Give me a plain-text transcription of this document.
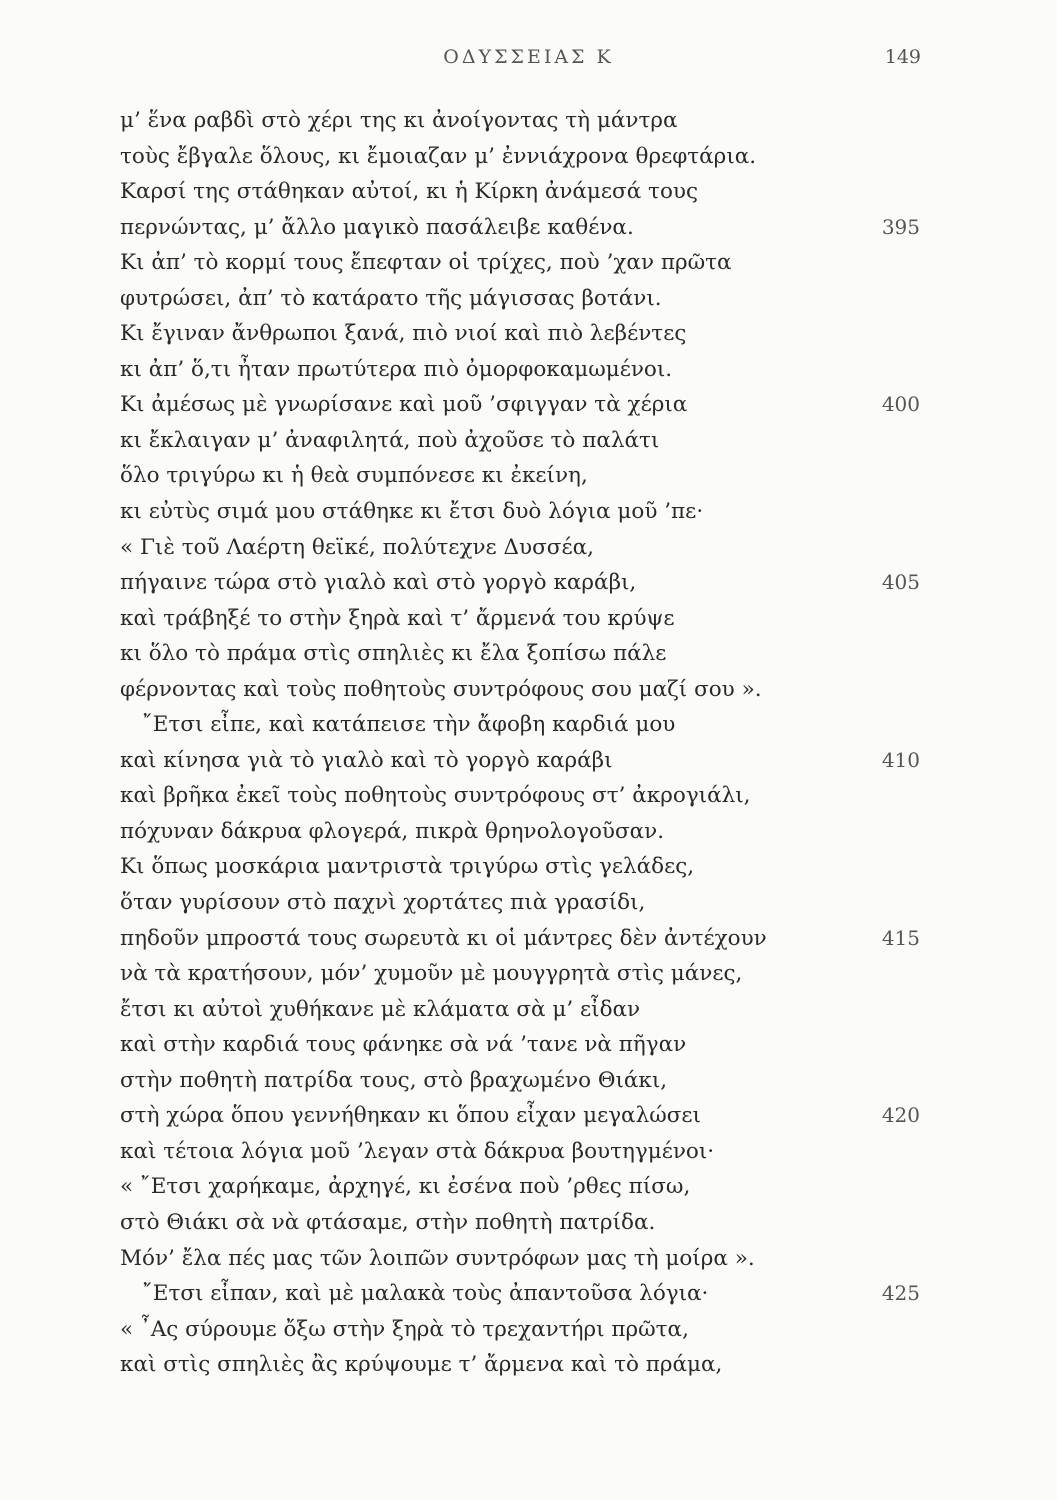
ΟΔΥΣΣΕΙΑΣ Κ	149
μ’ ἕνα ραβδὶ στὸ χέρι της κι ἀνοίγοντας τὴ μάντρα
τοὺς ἔβγαλε ὅλους, κι ἔμοιαζαν μ’ ἐννιάχρονα θρεφτάρια.
Καρσί της στάθηκαν αὐτοί, κι ἡ Κίρκη ἀνάμεσά τους
περνώντας, μ’ ἄλλο μαγικὸ πασάλειβε καθένα.	395
Κι ἀπ’ τὸ κορμί τους ἔπεφταν οἱ τρίχες, ποὺ ’χαν πρῶτα
φυτρώσει, ἀπ’ τὸ κατάρατο τῆς μάγισσας βοτάνι.
Κι ἔγιναν ἄνθρωποι ξανά, πιὸ νιοί καὶ πιὸ λεβέντες
κι ἀπ’ ὅ,τι ἦταν πρωτύτερα πιὸ ὀμορφοκαμωμένοι.
Κι ἀμέσως μὲ γνωρίσανε καὶ μοῦ ’σφιγγαν τὰ χέρια	400
κι ἔκλαιγαν μ’ ἀναφιλητά, ποὺ ἀχοῦσε τὸ παλάτι
ὅλο τριγύρω κι ἡ θεὰ συμπόνεσε κι ἐκείνη,
κι εὐτὺς σιμά μου στάθηκε κι ἔτσι δυὸ λόγια μοῦ ’πε·
« Γιὲ τοῦ Λαέρτη θεϊκέ, πολύτεχνε Δυσσέα,
πήγαινε τώρα στὸ γιαλὸ καὶ στὸ γοργὸ καράβι,	405
καὶ τράβηξέ το στὴν ξηρὰ καὶ τ’ ἄρμενά του κρύψε
κι ὅλο τὸ πράμα στὶς σπηλιὲς κι ἔλα ξοπίσω πάλε
φέρνοντας καὶ τοὺς ποθητοὺς συντρόφους σου μαζί σου ».
῎Ετσι εἶπε, καὶ κατάπεισε τὴν ἄφοβη καρδιά μου
καὶ κίνησα γιὰ τὸ γιαλὸ καὶ τὸ γοργὸ καράβι	410
καὶ βρῆκα ἐκεῖ τοὺς ποθητοὺς συντρόφους στ’ ἀκρογιάλι,
πόχυναν δάκρυα φλογερά, πικρὰ θρηνολογοῦσαν.
Κι ὅπως μοσκάρια μαντριστὰ τριγύρω στὶς γελάδες,
ὅταν γυρίσουν στὸ παχνὶ χορτάτες πιὰ γρασίδι,
πηδοῦν μπροστά τους σωρευτὰ κι οἱ μάντρες δὲν ἀντέχουν	415
νὰ τὰ κρατήσουν, μόν’ χυμοῦν μὲ μουγγρητὰ στὶς μάνες,
ἔτσι κι αὐτοὶ χυθήκανε μὲ κλάματα σὰ μ’ εἶδαν
καὶ στὴν καρδιά τους φάνηκε σὰ νά ’τανε νὰ πῆγαν
στὴν ποθητὴ πατρίδα τους, στὸ βραχωμένο Θιάκι,
στὴ χώρα ὅπου γεννήθηκαν κι ὅπου εἶχαν μεγαλώσει	420
καὶ τέτοια λόγια μοῦ ’λεγαν στὰ δάκρυα βουτηγμένοι·
« ῎Ετσι χαρήκαμε, ἀρχηγέ, κι ἐσένα ποὺ ’ρθες πίσω,
στὸ Θιάκι σὰ νὰ φτάσαμε, στὴν ποθητὴ πατρίδα.
Μόν’ ἔλα πές μας τῶν λοιπῶν συντρόφων μας τὴ μοίρα ».
῎Ετσι εἶπαν, καὶ μὲ μαλακὰ τοὺς ἀπαντοῦσα λόγια·	425
« ῏Ας σύρουμε ὄξω στὴν ξηρὰ τὸ τρεχαντήρι πρῶτα,
καὶ στὶς σπηλιὲς ἂς κρύψουμε τ’ ἄρμενα καὶ τὸ πράμα,
